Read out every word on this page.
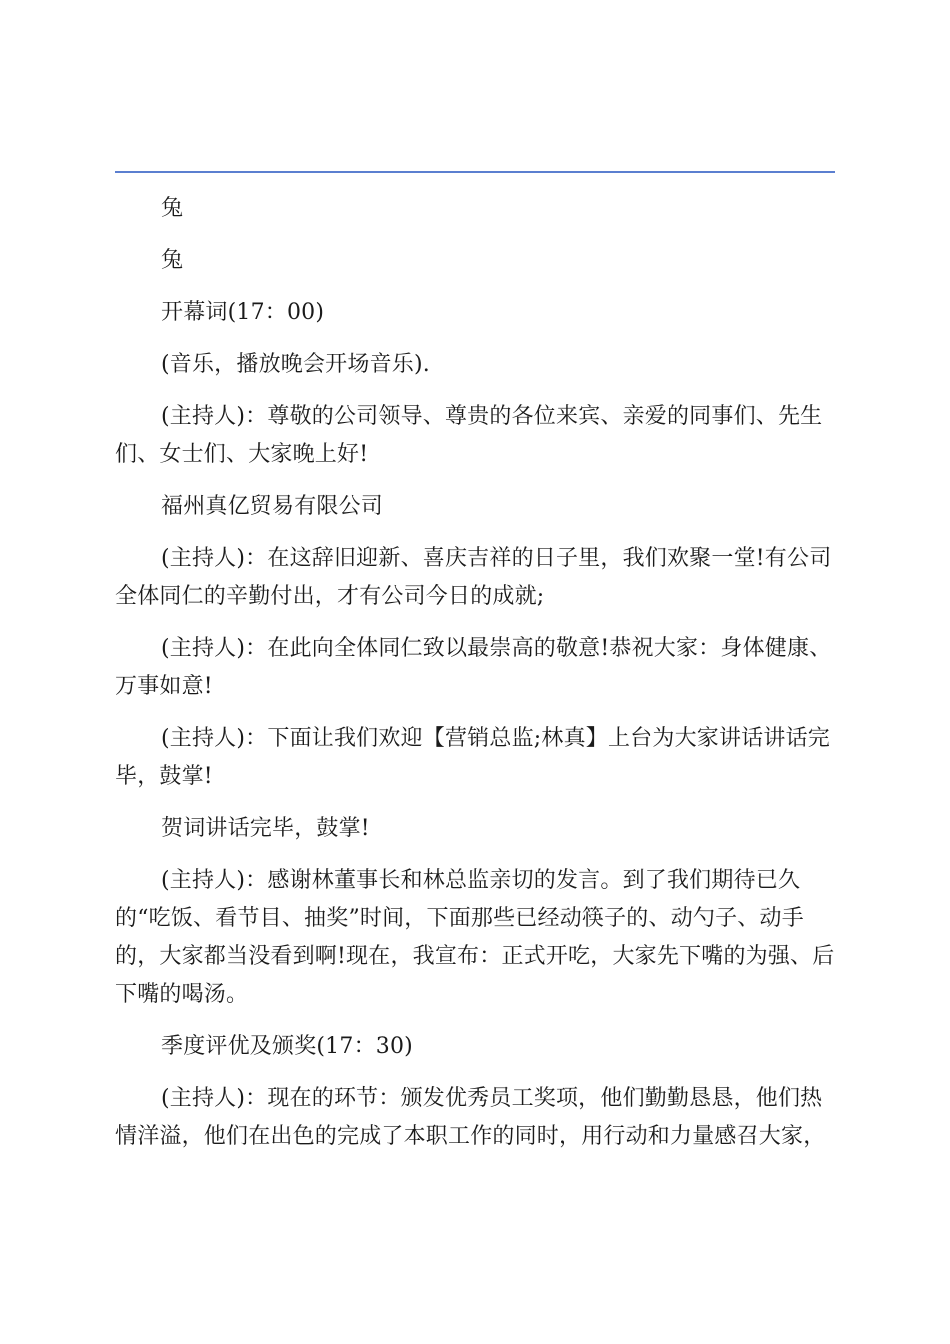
兔

兔

开幕词(17：00)

(音乐，播放晚会开场音乐).

(主持人)：尊敬的公司领导、尊贵的各位来宾、亲爱的同事们、先生们、女士们、大家晚上好!

福州真亿贸易有限公司

(主持人)：在这辞旧迎新、喜庆吉祥的日子里，我们欢聚一堂!有公司全体同仁的辛勤付出，才有公司今日的成就;

(主持人)：在此向全体同仁致以最崇高的敬意!恭祝大家：身体健康、万事如意!

(主持人)：下面让我们欢迎【营销总监;林真】上台为大家讲话讲话完毕，鼓掌!

贺词讲话完毕，鼓掌!

(主持人)：感谢林董事长和林总监亲切的发言。到了我们期待已久的“吃饭、看节目、抽奖”时间，下面那些已经动筷子的、动勺子、动手的，大家都当没看到啊!现在，我宣布：正式开吃，大家先下嘴的为强、后下嘴的喝汤。

季度评优及颁奖(17：30)

(主持人)：现在的环节：颁发优秀员工奖项，他们勤勤恳恳，他们热情洋溢，他们在出色的完成了本职工作的同时，用行动和力量感召大家，
